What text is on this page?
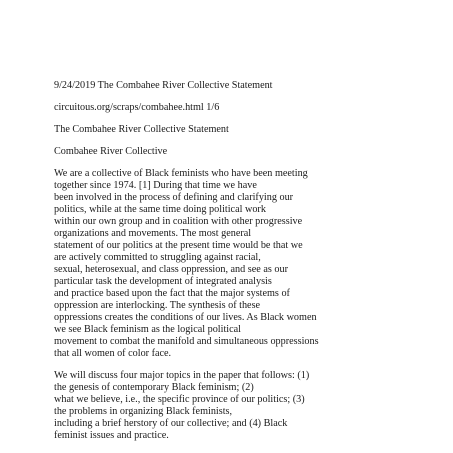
9/24/2019 The Combahee River Collective Statement
circuitous.org/scraps/combahee.html 1/6
The Combahee River Collective Statement
Combahee River Collective
We are a collective of Black feminists who have been meeting
together since 1974. [1] During that time we have
been involved in the process of defining and clarifying our
politics, while at the same time doing political work
within our own group and in coalition with other progressive
organizations and movements. The most general
statement of our politics at the present time would be that we
are actively committed to struggling against racial,
sexual, heterosexual, and class oppression, and see as our
particular task the development of integrated analysis
and practice based upon the fact that the major systems of
oppression are interlocking. The synthesis of these
oppressions creates the conditions of our lives. As Black women
we see Black feminism as the logical political
movement to combat the manifold and simultaneous oppressions
that all women of color face.
We will discuss four major topics in the paper that follows: (1)
the genesis of contemporary Black feminism; (2)
what we believe, i.e., the specific province of our politics; (3)
the problems in organizing Black feminists,
including a brief herstory of our collective; and (4) Black
feminist issues and practice.
